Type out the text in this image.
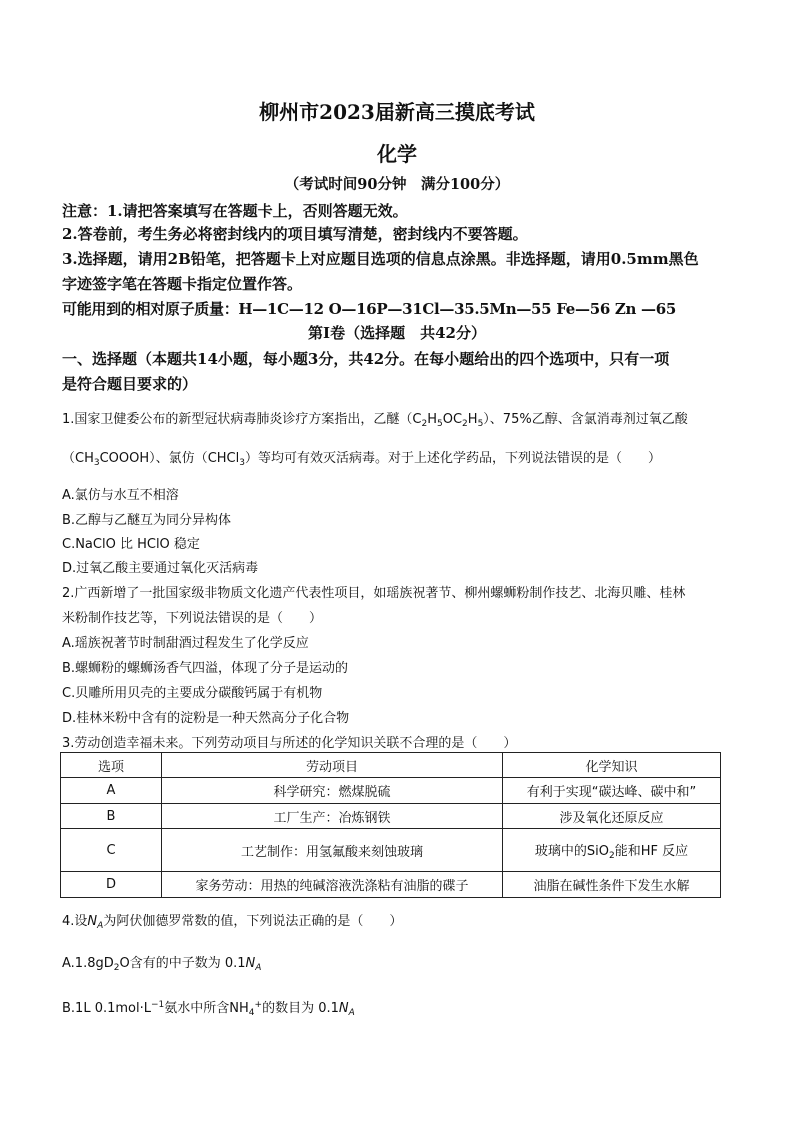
柳州市2023届新高三摸底考试
化学
（考试时间90分钟　满分100分）
注意：1.请把答案填写在答题卡上，否则答题无效。
2.答卷前，考生务必将密封线内的项目填写清楚，密封线内不要答题。
3.选择题，请用2B铅笔，把答题卡上对应题目选项的信息点涂黑。非选择题，请用0.5mm黑色
字迹签字笔在答题卡指定位置作答。
可能用到的相对原子质量：H—1C—12 O—16P—31Cl—35.5Mn—55 Fe—56 Zn —65
第Ⅰ卷（选择题　共42分）
一、选择题（本题共14小题，每小题3分，共42分。在每小题给出的四个选项中，只有一项
是符合题目要求的）
1.国家卫健委公布的新型冠状病毒肺炎诊疗方案指出，乙醚$(C_2H_5OC_2H_5)$、75%乙醇、含氯消毒剂过氧乙酸
$(CH_3COOOH)$、氯仿（CHCl$_3$）等均可有效灭活病毒。对于上述化学药品，下列说法错误的是（　　）
A.氯仿与水互不相溶
B.乙醇与乙醚互为同分异构体
C.NaClO 比 HClO 稳定
D.过氧乙酸主要通过氧化灭活病毒
2.广西新增了一批国家级非物质文化遗产代表性项目，如瑶族祝著节、柳州螺蛳粉制作技艺、北海贝雕、桂林
米粉制作技艺等，下列说法错误的是（　　）
A.瑶族祝著节时制甜酒过程发生了化学反应
B.螺蛳粉的螺蛳汤香气四溢，体现了分子是运动的
C.贝雕所用贝壳的主要成分碳酸钙属于有机物
D.桂林米粉中含有的淀粉是一种天然高分子化合物
3.劳动创造幸福未来。下列劳动项目与所述的化学知识关联不合理的是（　　）
选项	劳动项目	化学知识
A	科学研究：燃煤脱硫	有利于实现“碳达峰、碳中和”
B	工厂生产：冶炼钢铁	涉及氧化还原反应
C	工艺制作：用氢氟酸来刻蚀玻璃	玻璃中的SiO$_2$能和HF 反应
D	家务劳动：用热的纯碱溶液洗涤粘有油脂的碟子	油脂在碱性条件下发生水解
4.设$N_A$为阿伏伽德罗常数的值，下列说法正确的是（　　）
$A.1.8gD_2O$含有的中子数为 $0.1N_A$
B.1L $0.1mol\cdot L^{-1}$氨水中所含$NH_4^+$的数目为 $0.1N_A$
